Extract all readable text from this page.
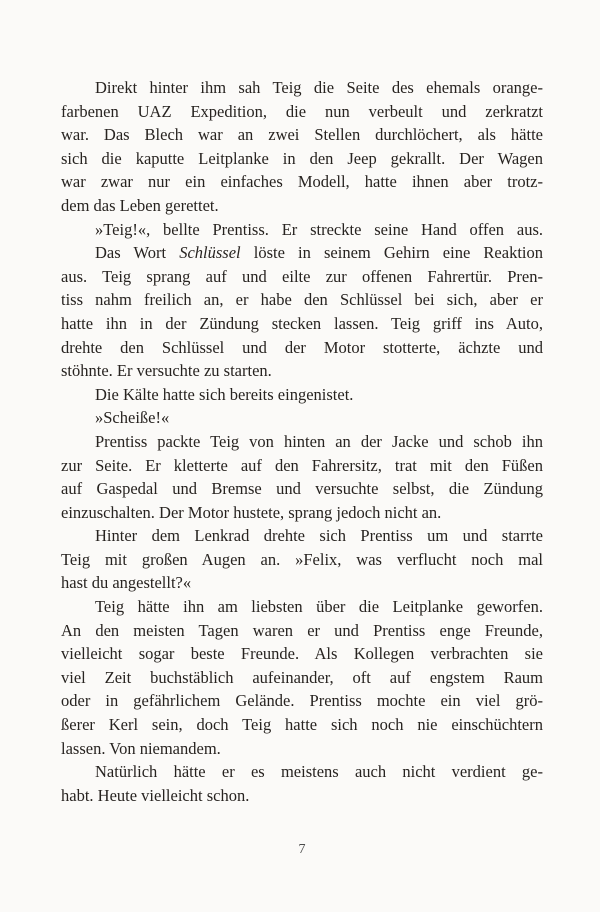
Direkt hinter ihm sah Teig die Seite des ehemals orange-
farbenen UAZ Expedition, die nun verbeult und zerkratzt
war. Das Blech war an zwei Stellen durchlöchert, als hätte
sich die kaputte Leitplanke in den Jeep gekrallt. Der Wagen
war zwar nur ein einfaches Modell, hatte ihnen aber trotz-
dem das Leben gerettet.
»Teig!«, bellte Prentiss. Er streckte seine Hand offen aus.
Das Wort Schlüssel löste in seinem Gehirn eine Reaktion
aus. Teig sprang auf und eilte zur offenen Fahrertür. Pren-
tiss nahm freilich an, er habe den Schlüssel bei sich, aber er
hatte ihn in der Zündung stecken lassen. Teig griff ins Auto,
drehte den Schlüssel und der Motor stotterte, ächzte und
stöhnte. Er versuchte zu starten.
Die Kälte hatte sich bereits eingenistet.
»Scheiße!«
Prentiss packte Teig von hinten an der Jacke und schob ihn
zur Seite. Er kletterte auf den Fahrersitz, trat mit den Füßen
auf Gaspedal und Bremse und versuchte selbst, die Zündung
einzuschalten. Der Motor hustete, sprang jedoch nicht an.
Hinter dem Lenkrad drehte sich Prentiss um und starrte
Teig mit großen Augen an. »Felix, was verflucht noch mal
hast du angestellt?«
Teig hätte ihn am liebsten über die Leitplanke geworfen.
An den meisten Tagen waren er und Prentiss enge Freunde,
vielleicht sogar beste Freunde. Als Kollegen verbrachten sie
viel Zeit buchstäblich aufeinander, oft auf engstem Raum
oder in gefährlichem Gelände. Prentiss mochte ein viel grö-
ßerer Kerl sein, doch Teig hatte sich noch nie einschüchtern
lassen. Von niemandem.
Natürlich hätte er es meistens auch nicht verdient ge-
habt. Heute vielleicht schon.
7
